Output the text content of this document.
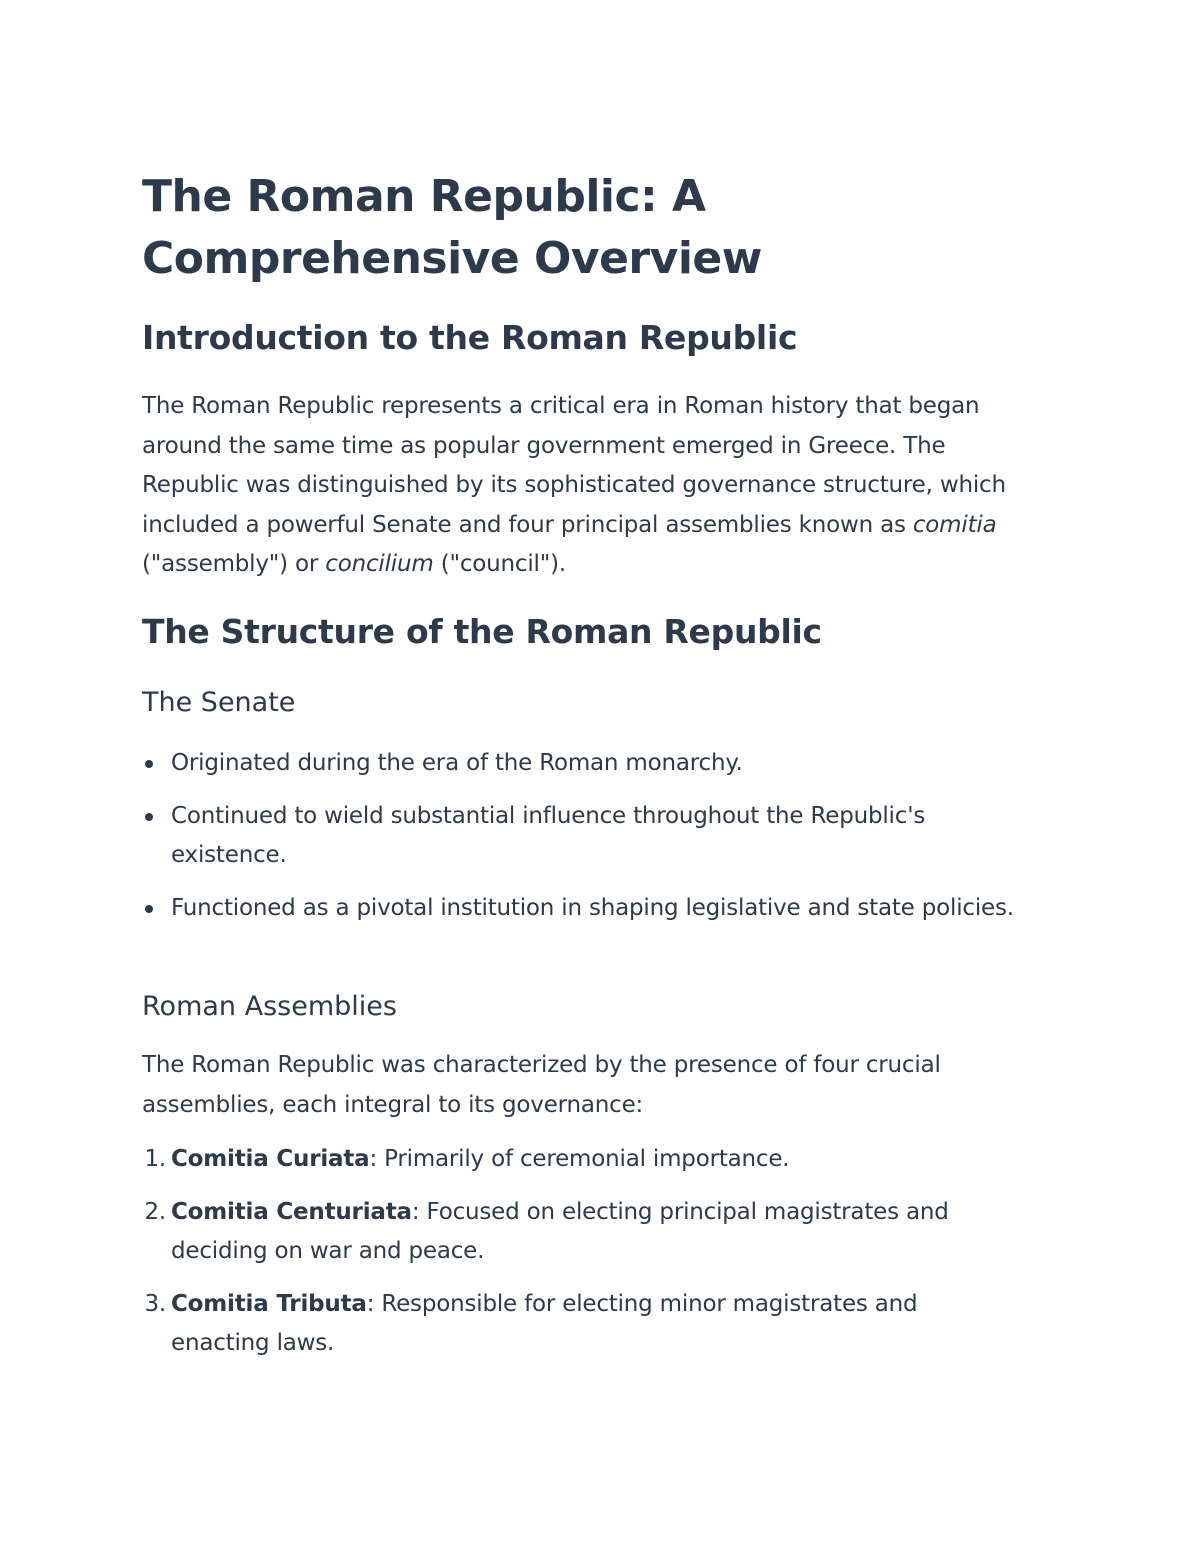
The Roman Republic: A Comprehensive Overview
Introduction to the Roman Republic

The Roman Republic represents a critical era in Roman history that began around the same time as popular government emerged in Greece. The Republic was distinguished by its sophisticated governance structure, which included a powerful Senate and four principal assemblies known as comitia ("assembly") or concilium ("council").

The Structure of the Roman Republic
The Senate
Originated during the era of the Roman monarchy.
Continued to wield substantial influence throughout the Republic's existence.
Functioned as a pivotal institution in shaping legislative and state policies.
Roman Assemblies

The Roman Republic was characterized by the presence of four crucial assemblies, each integral to its governance:

1. Comitia Curiata: Primarily of ceremonial importance.
2. Comitia Centuriata: Focused on electing principal magistrates and deciding on war and peace.
3. Comitia Tributa: Responsible for electing minor magistrates and enacting laws.
